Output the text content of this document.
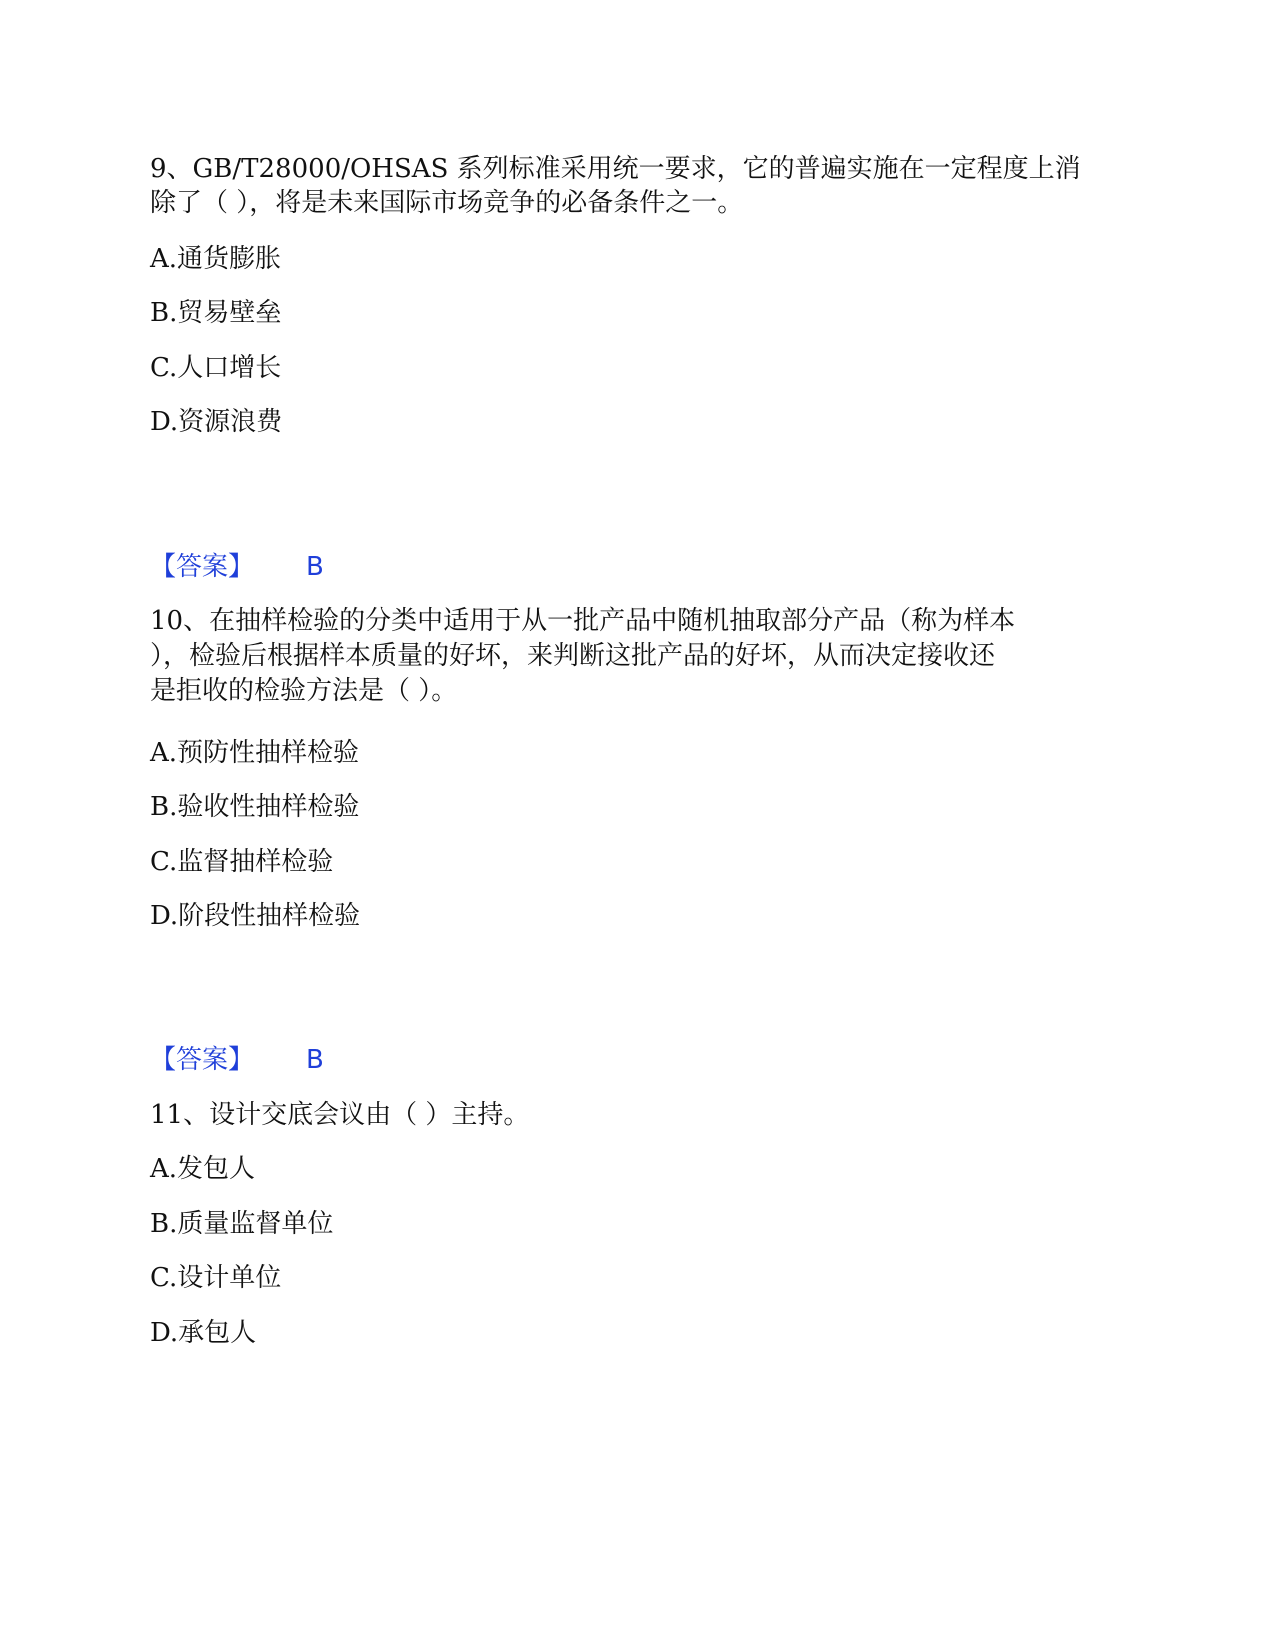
9、GB/T28000/OHSAS 系列标准采用统一要求，它的普遍实施在一定程度上消
除了（ ），将是未来国际市场竞争的必备条件之一。
A.通货膨胀
B.贸易壁垒
C.人口增长
D.资源浪费
【答案】 B
10、在抽样检验的分类中适用于从一批产品中随机抽取部分产品（称为样本
），检验后根据样本质量的好坏，来判断这批产品的好坏，从而决定接收还
是拒收的检验方法是（ ）。
A.预防性抽样检验
B.验收性抽样检验
C.监督抽样检验
D.阶段性抽样检验
【答案】 B
11、设计交底会议由（ ）主持。
A.发包人
B.质量监督单位
C.设计单位
D.承包人
